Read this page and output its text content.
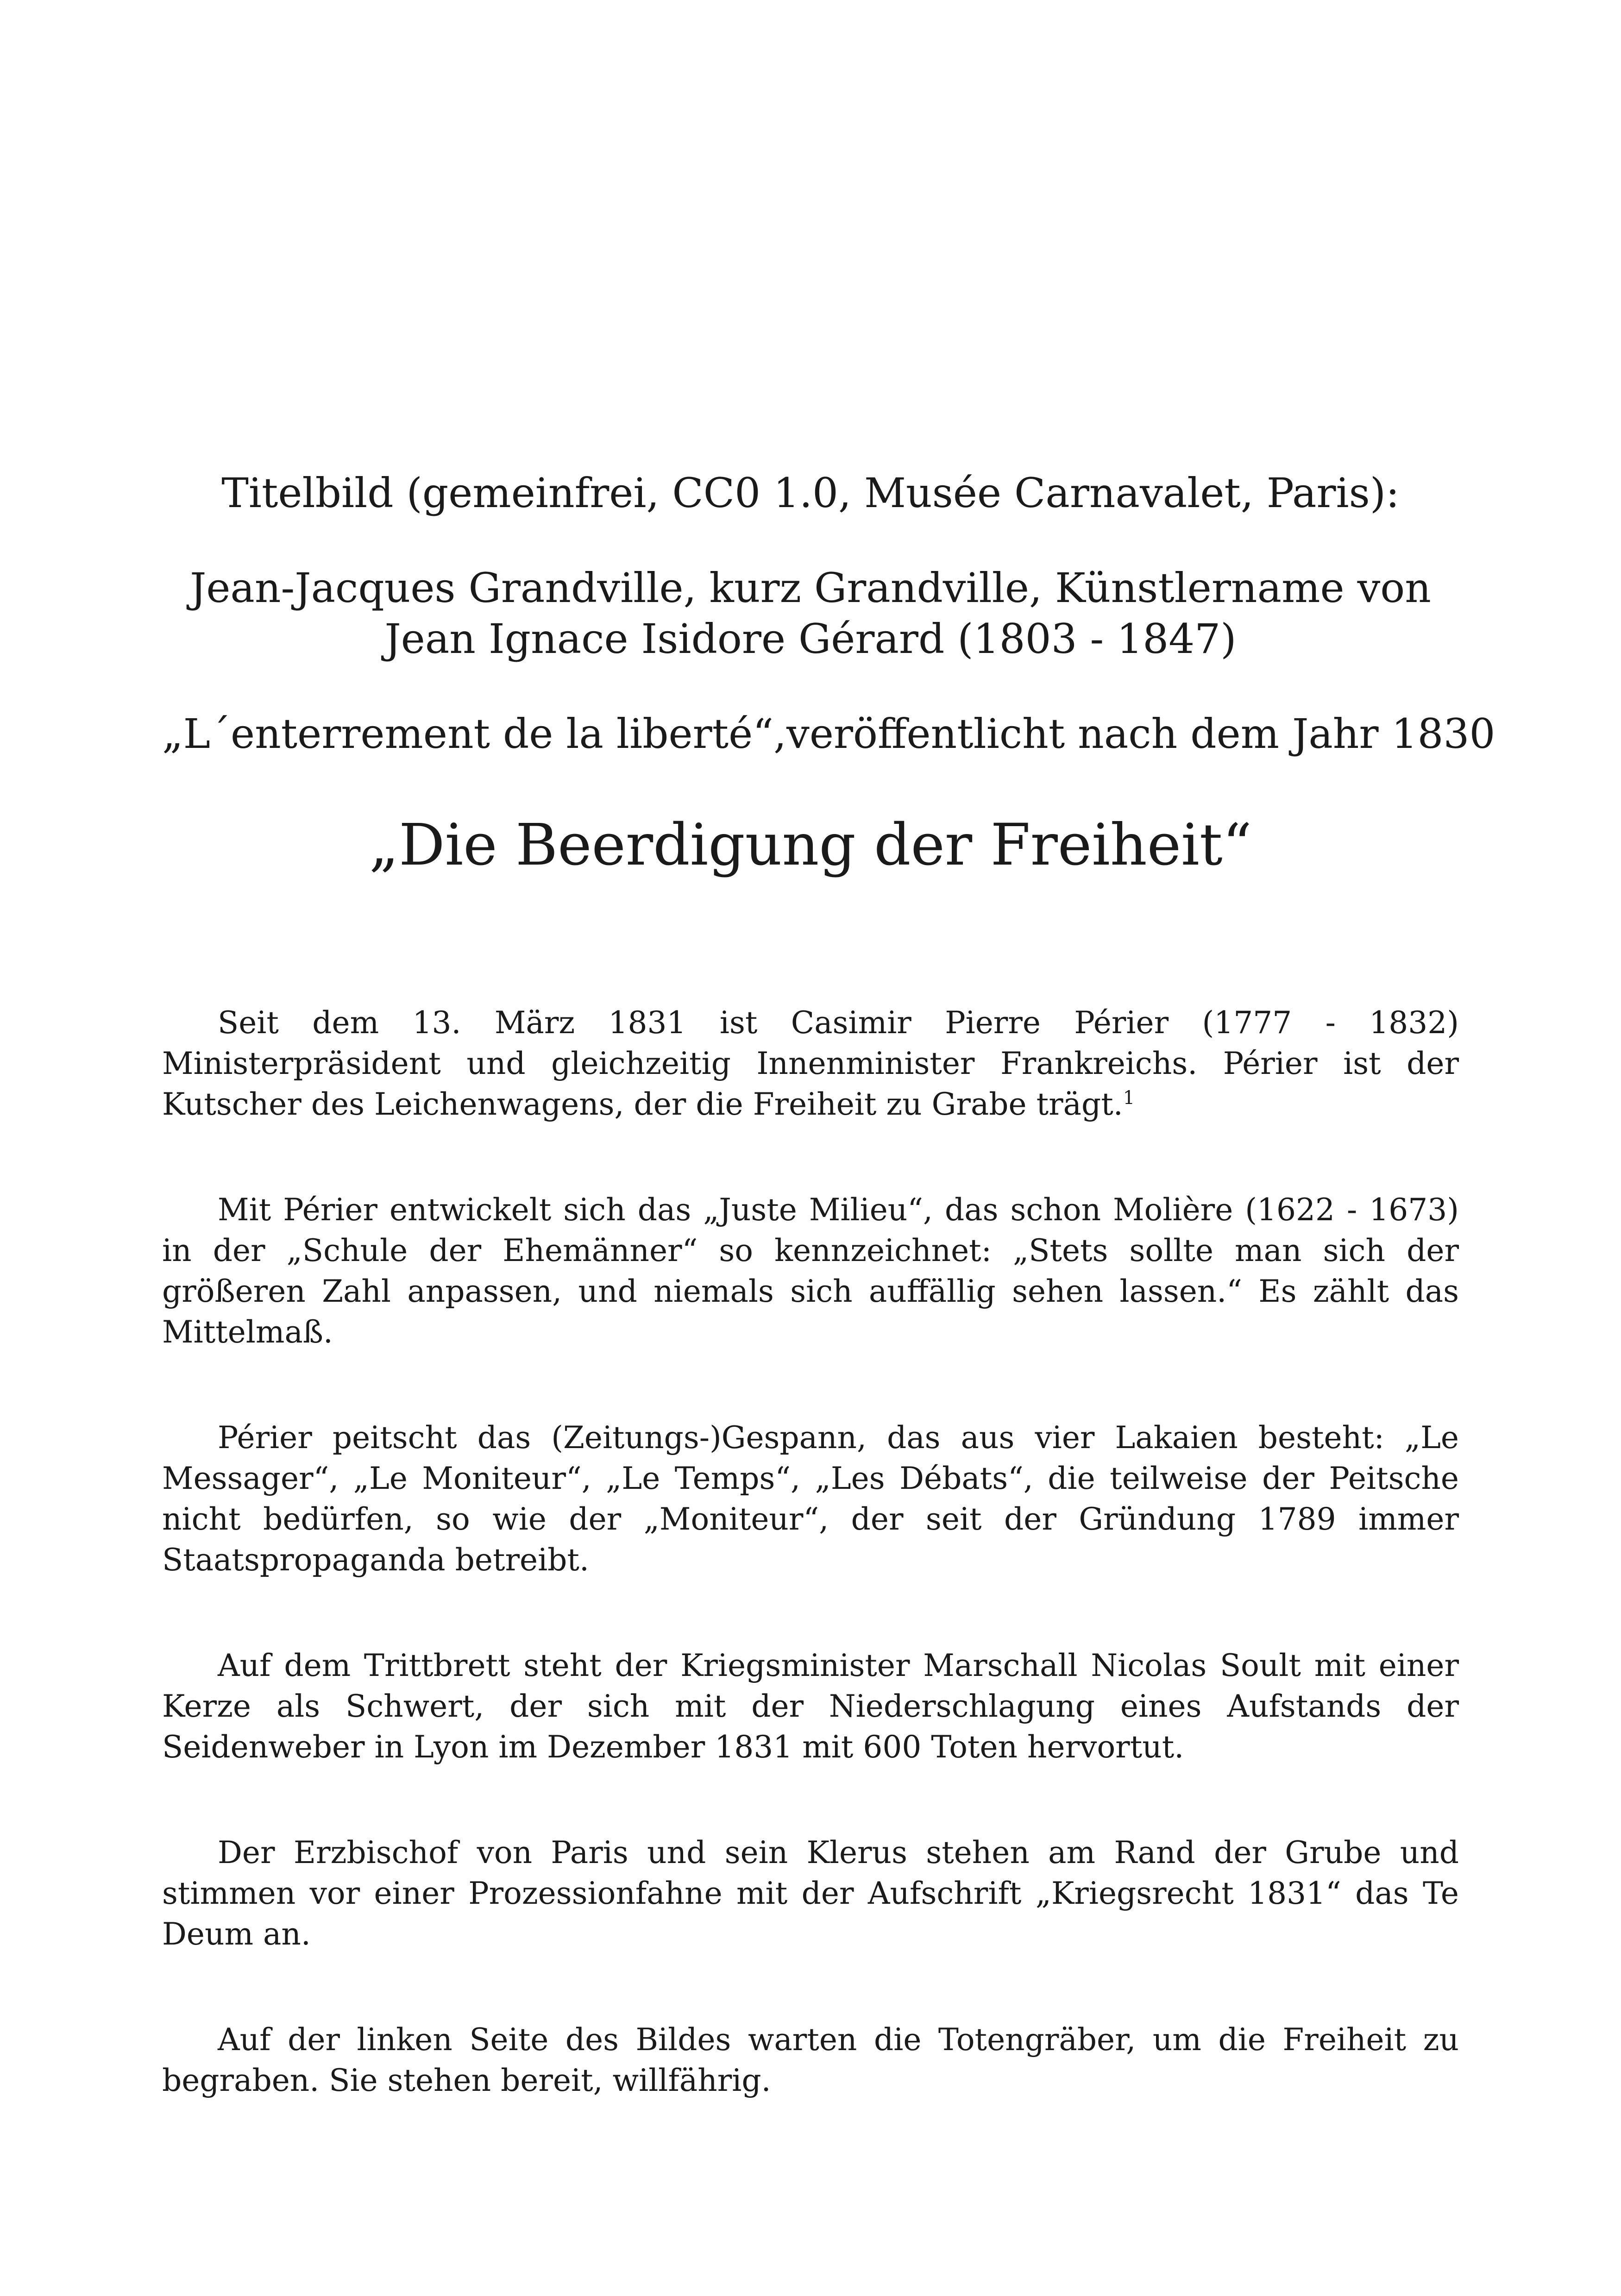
Titelbild (gemeinfrei, CC0 1.0, Musée Carnavalet, Paris):
Jean-Jacques Grandville, kurz Grandville, Künstlername von
Jean Ignace Isidore Gérard (1803 - 1847)
„L´enterrement de la liberté“,veröffentlicht nach dem Jahr 1830
„Die Beerdigung der Freiheit“

Seit dem 13. März 1831 ist Casimir Pierre Périer (1777 - 1832) Ministerpräsident und gleichzeitig Innenminister Frankreichs. Périer ist der Kutscher des Leichenwagens, der die Freiheit zu Grabe trägt.$^1$

Mit Périer entwickelt sich das „Juste Milieu“, das schon Molière (1622 - 1673) in der „Schule der Ehemänner“ so kennzeichnet: „Stets sollte man sich der größeren Zahl anpassen, und niemals sich auffällig sehen lassen.“ Es zählt das Mittelmaß.

Périer peitscht das (Zeitungs-)Gespann, das aus vier Lakaien besteht: „Le Messager“, „Le Moniteur“, „Le Temps“, „Les Débats“, die teilweise der Peitsche nicht bedürfen, so wie der „Moniteur“, der seit der Gründung 1789 immer Staatspropaganda betreibt.

Auf dem Trittbrett steht der Kriegsminister Marschall Nicolas Soult mit einer Kerze als Schwert, der sich mit der Niederschlagung eines Aufstands der Seidenweber in Lyon im Dezember 1831 mit 600 Toten hervortut.

Der Erzbischof von Paris und sein Klerus stehen am Rand der Grube und stimmen vor einer Prozessionfahne mit der Aufschrift „Kriegsrecht 1831“ das Te Deum an.

Auf der linken Seite des Bildes warten die Totengräber, um die Freiheit zu begraben. Sie stehen bereit, willfährig.
